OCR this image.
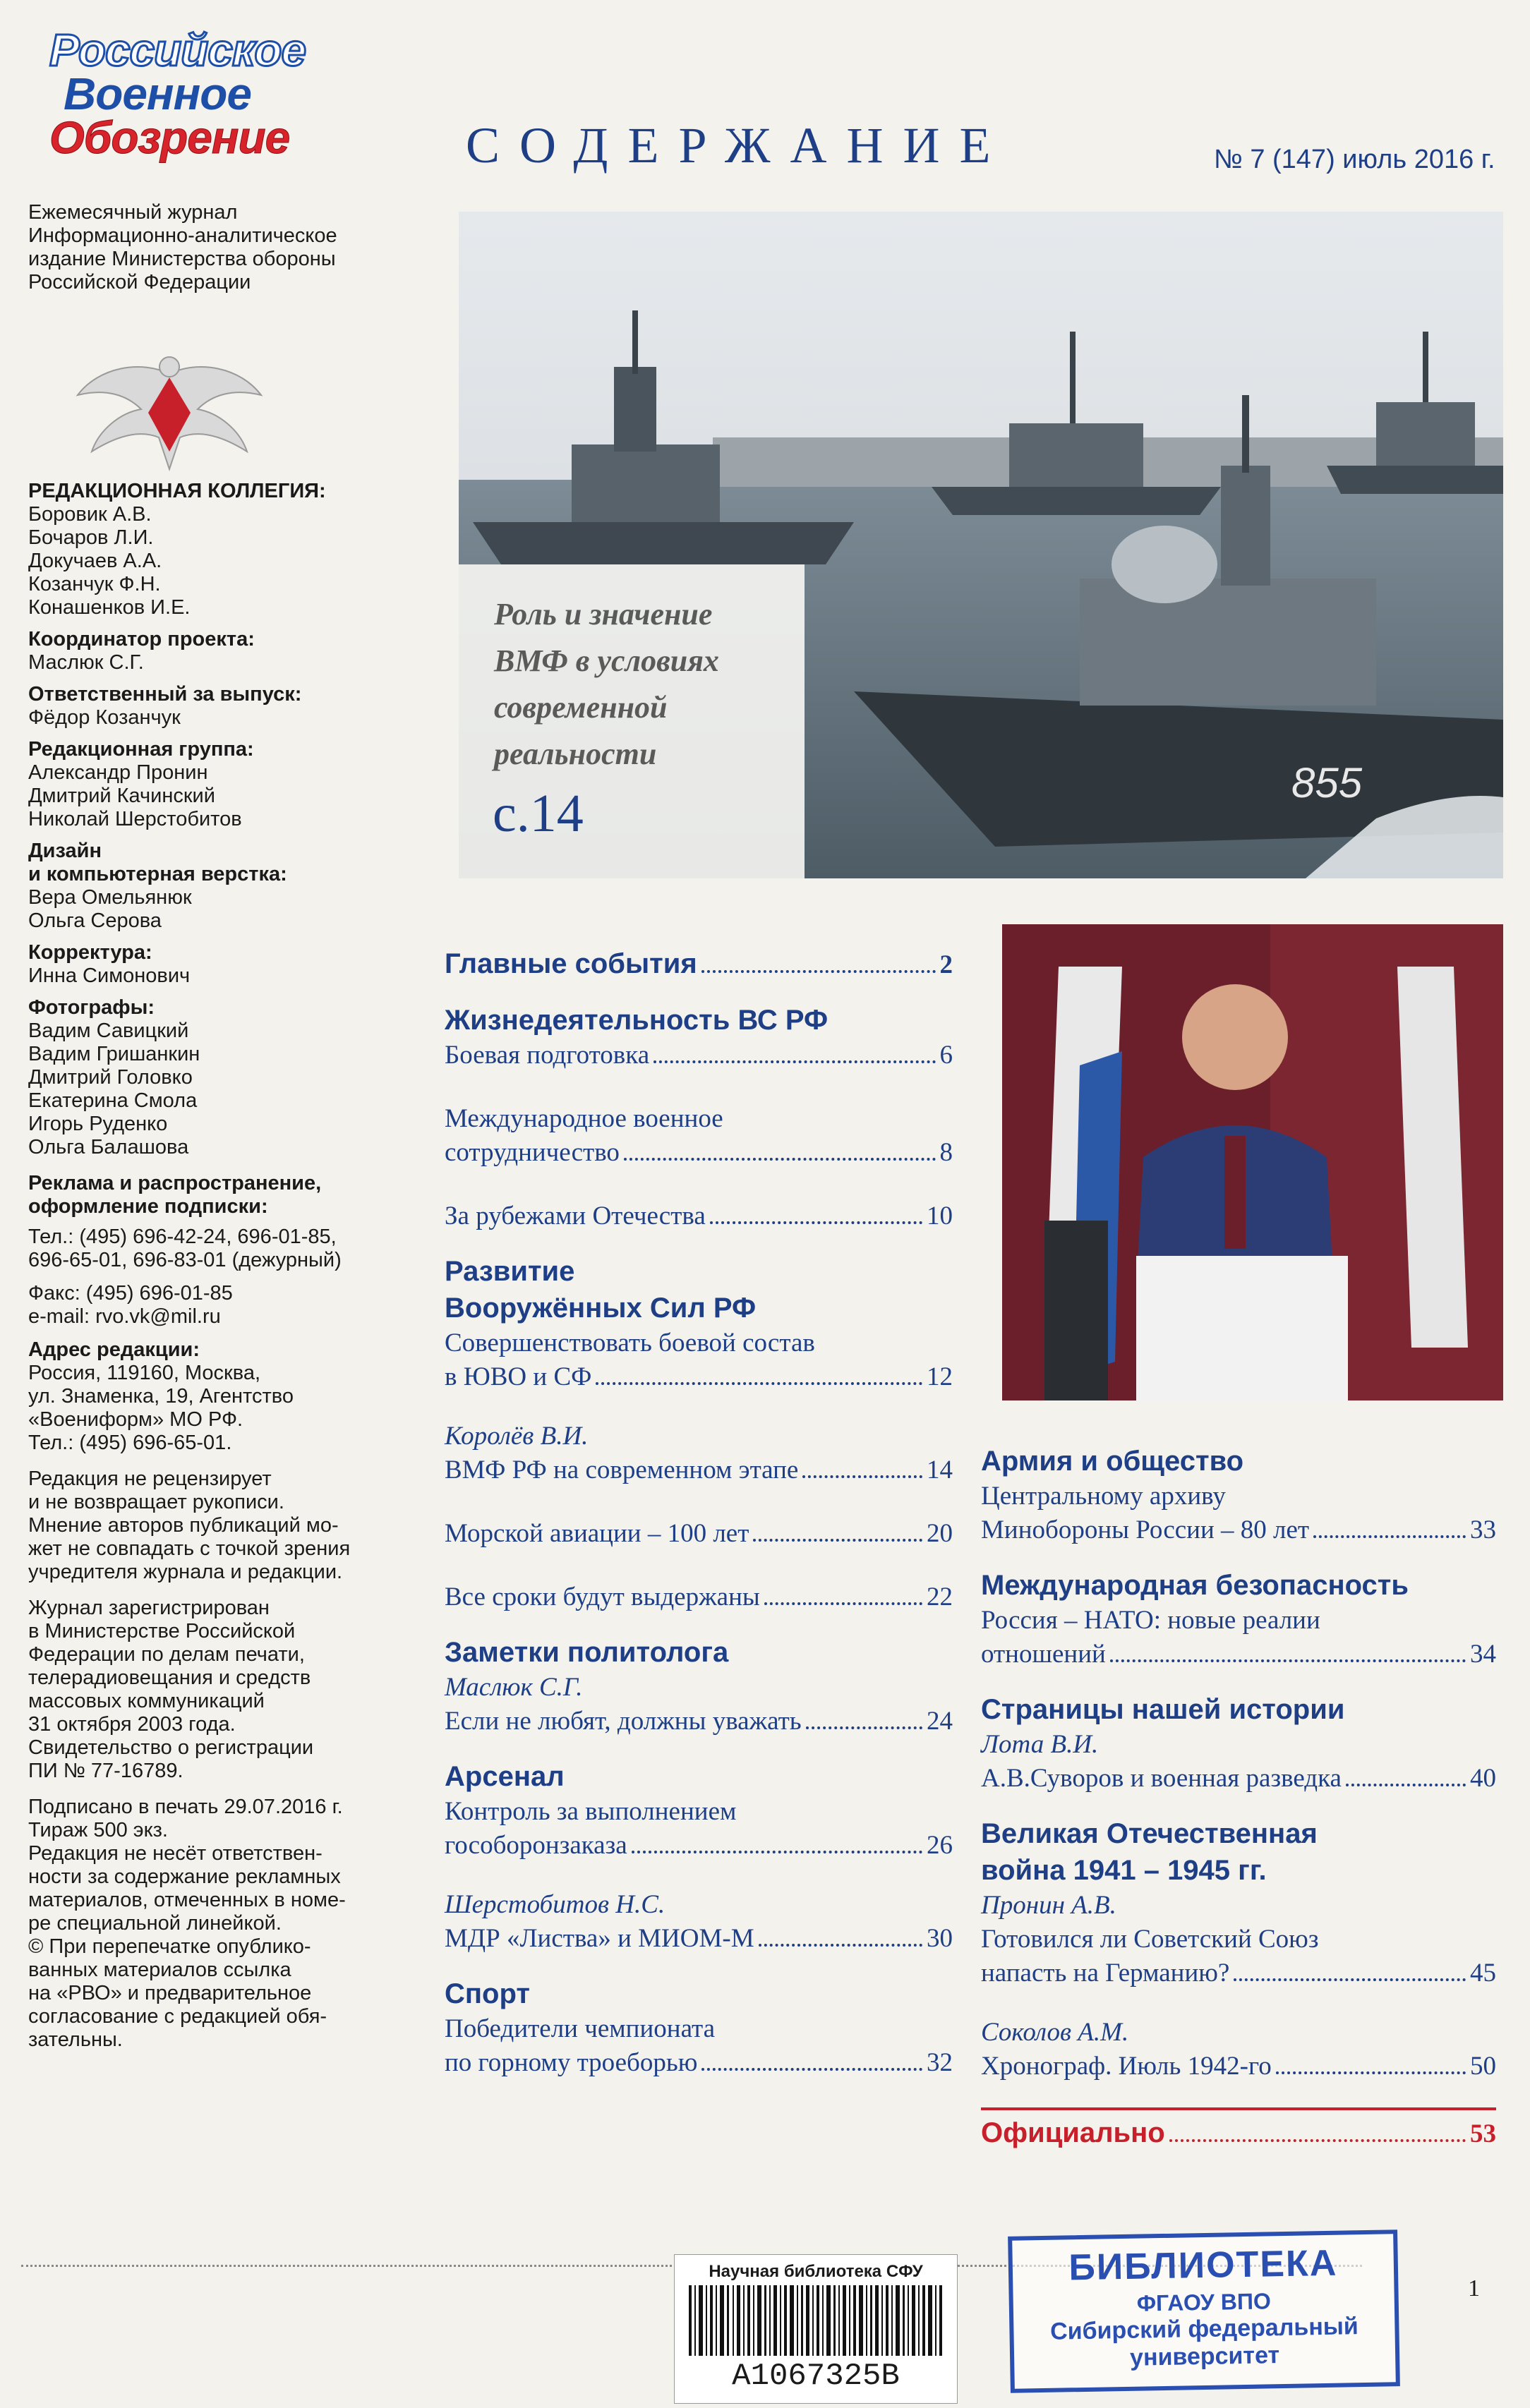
Российское
Военное
Обозрение
Ежемесячный журнал Информационно-аналитическое издание Министерства обороны Российской Федерации

РЕДАКЦИОННАЯ КОЛЛЕГИЯ:

Боровик А.В.

Бочаров Л.И.

Докучаев А.А.

Козанчук Ф.Н.

Конашенков И.Е.

Координатор проекта:

Маслюк С.Г.

Ответственный за выпуск:

Фёдор Козанчук

Редакционная группа:

Александр Пронин

Дмитрий Качинский

Николай Шерстобитов

Дизайн

и компьютерная верстка:

Вера Омельянюк

Ольга Серова

Корректура:

Инна Симонович

Фотографы:

Вадим Савицкий

Вадим Гришанкин

Дмитрий Головко

Екатерина Смола

Игорь Руденко

Ольга Балашова

Реклама и распространение,

оформление подписки:

Тел.: (495) 696-42-24, 696-01-85,

696-65-01, 696-83-01 (дежурный)

Факс: (495) 696-01-85

e-mail: rvo.vk@mil.ru

Адрес редакции:

Россия, 119160, Москва,

ул. Знаменка, 19, Агентство

«Воениформ» МО РФ.

Тел.: (495) 696-65-01.

Редакция не рецензирует

и не возвращает рукописи.

Мнение авторов публикаций мо-

жет не совпадать с точкой зрения

учредителя журнала и редакции.

Журнал зарегистрирован

в Министерстве Российской

Федерации по делам печати,

телерадиовещания и средств

массовых коммуникаций

31 октября 2003 года.

Свидетельство о регистрации

ПИ № 77-16789.

Подписано в печать 29.07.2016 г.

Тираж 500 экз.

Редакция не несёт ответствен-

ности за содержание рекламных

материалов, отмеченных в номе-

ре специальной линейкой.

© При перепечатке опублико-

ванных материалов ссылка

на «РВО» и предварительное

согласование с редакцией обя-

зательны.

СОДЕРЖАНИЕ	№ 7 (147) июль 2016 г.
855
Роль и значение
ВМФ в условиях
современной
реальности
с.14
Главные события	2
Жизнедеятельность ВС РФ
Боевая подготовка	6
Международное военное
сотрудничество	8
За рубежами Отечества	10
Развитие
Вооружённых Сил РФ
Совершенствовать боевой состав
в ЮВО и СФ	12
Королёв В.И.
ВМФ РФ на современном этапе	14
Морской авиации – 100 лет	20
Все сроки будут выдержаны	22
Заметки политолога
Маслюк С.Г.
Если не любят, должны уважать	24
Арсенал
Контроль за выполнением
гособоронзаказа	26
Шерстобитов Н.С.
МДР «Листва» и МИОМ-М	30
Спорт
Победители чемпионата
по горному троеборью	32
Армия и общество
Центральному архиву
Минобороны России – 80 лет	33
Международная безопасность
Россия – НАТО: новые реалии
отношений	34
Страницы нашей истории
Лота В.И.
А.В.Суворов и военная разведка	40
Великая Отечественная
война 1941 – 1945 гг.
Пронин А.В.
Готовился ли Советский Союз
напасть на Германию?	45
Соколов А.М.
Хронограф. Июль 1942-го	50
Официально	53
1
Научная библиотека СФУ
А1067325В
БИБЛИОТЕКА
ФГАОУ ВПО
Сибирский федеральный
университет
